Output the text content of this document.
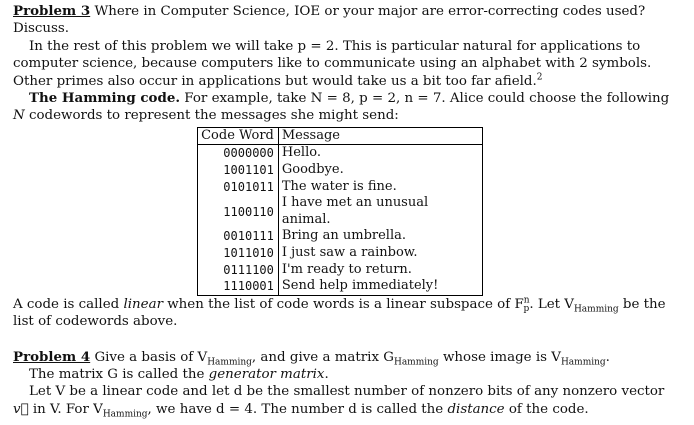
Problem 3 Where in Computer Science, IOE or your major are error-correcting codes used?
Discuss.

In the rest of this problem we will take p = 2. This is particular natural for applications to computer science, because computers like to communicate using an alphabet with 2 symbols. Other primes also occur in applications but would take us a bit too far afield.$^2$

The Hamming code. For example, take N = 8, p = 2, n = 7. Alice could choose the following
N codewords to represent the messages she might send:

Code Word	Message
0000000	Hello.
1001101	Goodbye.
0101011	The water is fine.
1100110	I have met an unusual animal.
0010111	Bring an umbrella.
1011010	I just saw a rainbow.
0111100	I'm ready to return.
1110001	Send help immediately!

A code is called linear when the list of code words is a linear subspace of $F^n_p$. Let $V_{Hamming}$ be the list of codewords above.

Problem 4 Give a basis of $V_{Hamming}$, and give a matrix $G_{Hamming}$ whose image is $V_{Hamming}$.

The matrix G is called the generator matrix.

Let V be a linear code and let d be the smallest number of nonzero bits of any nonzero vector v⃗ in V. For $V_{Hamming}$, we have d = 4. The number d is called the distance of the code.
